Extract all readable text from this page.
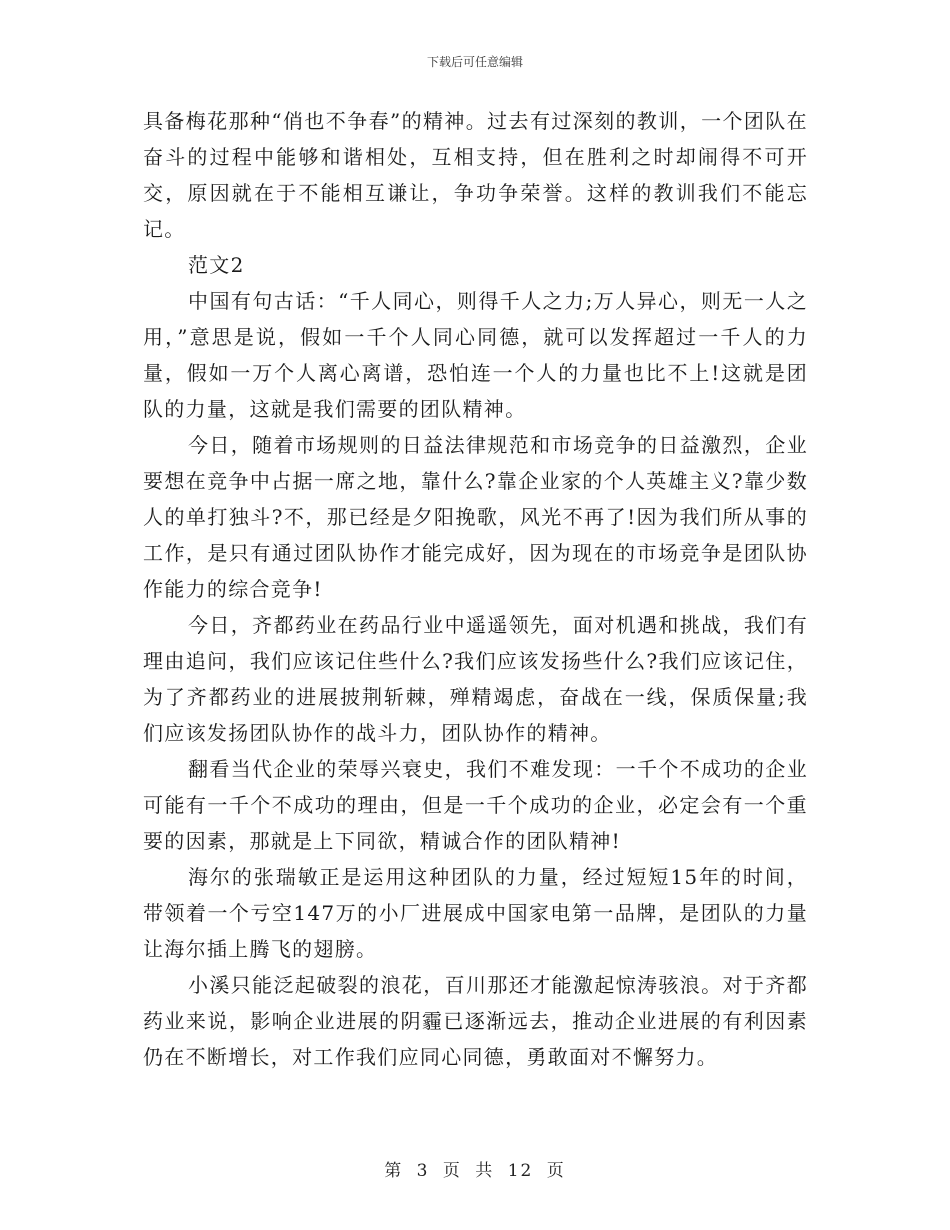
下载后可任意编辑

具备梅花那种“俏也不争春”的精神。过去有过深刻的教训，一个团队在奋斗的过程中能够和谐相处，互相支持，但在胜利之时却闹得不可开交，原因就在于不能相互谦让，争功争荣誉。这样的教训我们不能忘记。

范文2

中国有句古话：“千人同心，则得千人之力;万人异心，则无一人之用，”意思是说，假如一千个人同心同德，就可以发挥超过一千人的力量，假如一万个人离心离谱，恐怕连一个人的力量也比不上!这就是团队的力量，这就是我们需要的团队精神。

今日，随着市场规则的日益法律规范和市场竞争的日益激烈，企业要想在竞争中占据一席之地，靠什么?靠企业家的个人英雄主义?靠少数人的单打独斗?不，那已经是夕阳挽歌，风光不再了!因为我们所从事的工作，是只有通过团队协作才能完成好，因为现在的市场竞争是团队协作能力的综合竞争!

今日，齐都药业在药品行业中遥遥领先，面对机遇和挑战，我们有理由追问，我们应该记住些什么?我们应该发扬些什么?我们应该记住，为了齐都药业的进展披荆斩棘，殚精竭虑，奋战在一线，保质保量;我们应该发扬团队协作的战斗力，团队协作的精神。

翻看当代企业的荣辱兴衰史，我们不难发现：一千个不成功的企业可能有一千个不成功的理由，但是一千个成功的企业，必定会有一个重要的因素，那就是上下同欲，精诚合作的团队精神!

海尔的张瑞敏正是运用这种团队的力量，经过短短15年的时间，带领着一个亏空147万的小厂进展成中国家电第一品牌，是团队的力量让海尔插上腾飞的翅膀。

小溪只能泛起破裂的浪花，百川那还才能激起惊涛骇浪。对于齐都药业来说，影响企业进展的阴霾已逐渐远去，推动企业进展的有利因素仍在不断增长，对工作我们应同心同德，勇敢面对不懈努力。

第 3 页 共 12 页
